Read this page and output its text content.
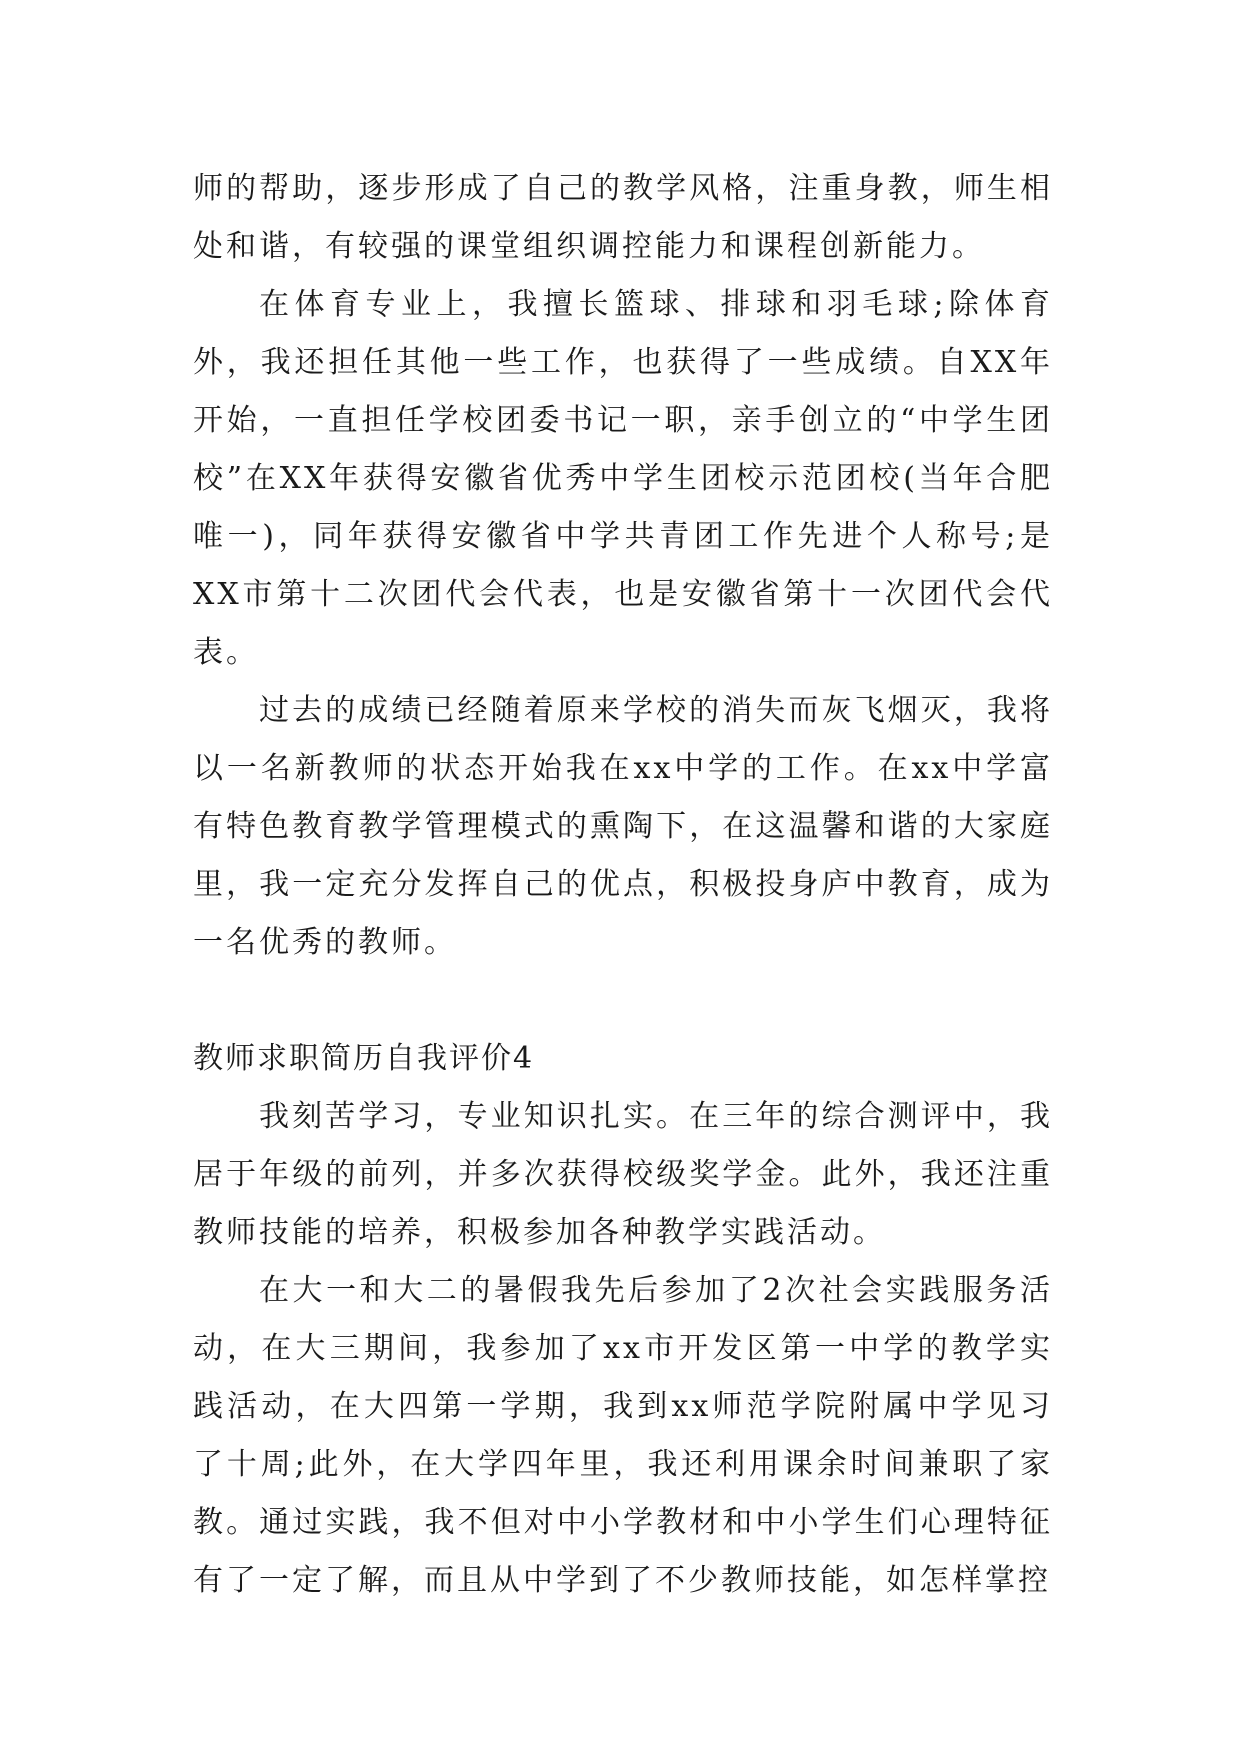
师的帮助，逐步形成了自己的教学风格，注重身教，师生相处和谐，有较强的课堂组织调控能力和课程创新能力。

在体育专业上，我擅长篮球、排球和羽毛球;除体育外，我还担任其他一些工作，也获得了一些成绩。自XX年开始，一直担任学校团委书记一职，亲手创立的“中学生团校”在XX年获得安徽省优秀中学生团校示范团校(当年合肥唯一)，同年获得安徽省中学共青团工作先进个人称号;是XX市第十二次团代会代表，也是安徽省第十一次团代会代表。

过去的成绩已经随着原来学校的消失而灰飞烟灭，我将以一名新教师的状态开始我在xx中学的工作。在xx中学富有特色教育教学管理模式的熏陶下，在这温馨和谐的大家庭里，我一定充分发挥自己的优点，积极投身庐中教育，成为一名优秀的教师。

教师求职简历自我评价4

我刻苦学习，专业知识扎实。在三年的综合测评中，我居于年级的前列，并多次获得校级奖学金。此外，我还注重教师技能的培养，积极参加各种教学实践活动。

在大一和大二的暑假我先后参加了2次社会实践服务活动，在大三期间，我参加了xx市开发区第一中学的教学实践活动，在大四第一学期，我到xx师范学院附属中学见习了十周;此外，在大学四年里，我还利用课余时间兼职了家教。通过实践，我不但对中小学教材和中小学生们心理特征有了一定了解，而且从中学到了不少教师技能，如怎样掌控
